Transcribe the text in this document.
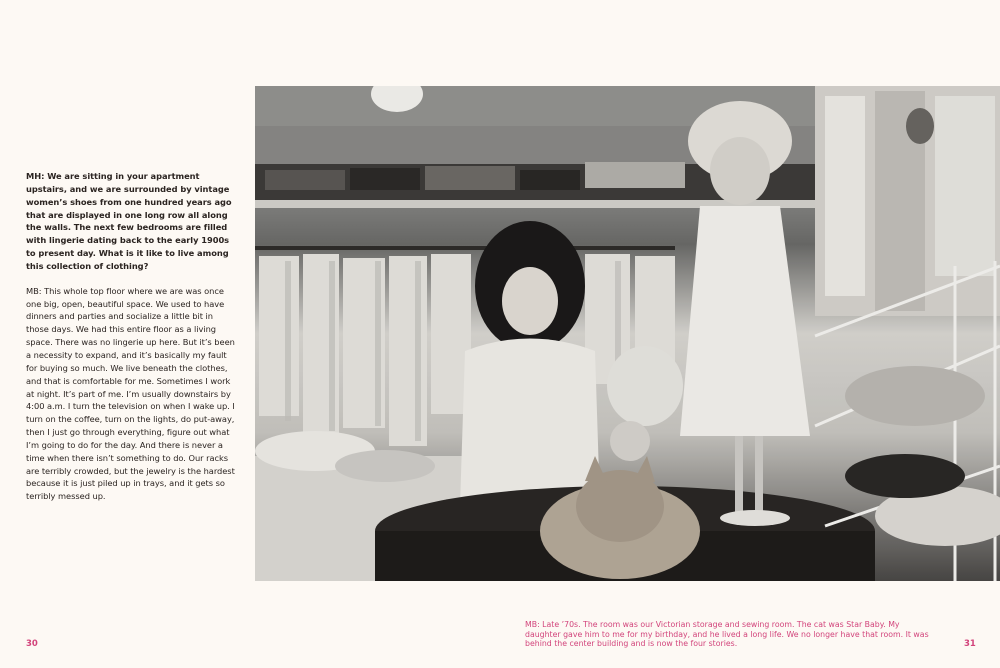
MH: We are sitting in your apartment upstairs, and we are surrounded by vintage women’s shoes from one hundred years ago that are displayed in one long row all along the walls. The next few bedrooms are filled with lingerie dating back to the early 1900s to present day. What is it like to live among this collection of clothing?

MB: This whole top floor where we are was once one big, open, beautiful space. We used to have dinners and parties and socialize a little bit in those days. We had this entire floor as a living space. There was no lingerie up here. But it’s been a necessity to expand, and it’s basically my fault for buying so much. We live beneath the clothes, and that is comfortable for me. Sometimes I work at night. It’s part of me. I’m usually downstairs by 4:00 a.m. I turn the television on when I wake up. I turn on the coffee, turn on the lights, do put-away, then I just go through everything, figure out what I’m going to do for the day. And there is never a time when there isn’t something to do. Our racks are terribly crowded, but the jewelry is the hardest because it is just piled up in trays, and it gets so terribly messed up.

MB: Late ’70s. The room was our Victorian storage and sewing room. The cat was Star Baby. My daughter gave him to me for my birthday, and he lived a long life. We no longer have that room. It was behind the center building and is now the four stories.
30	31
